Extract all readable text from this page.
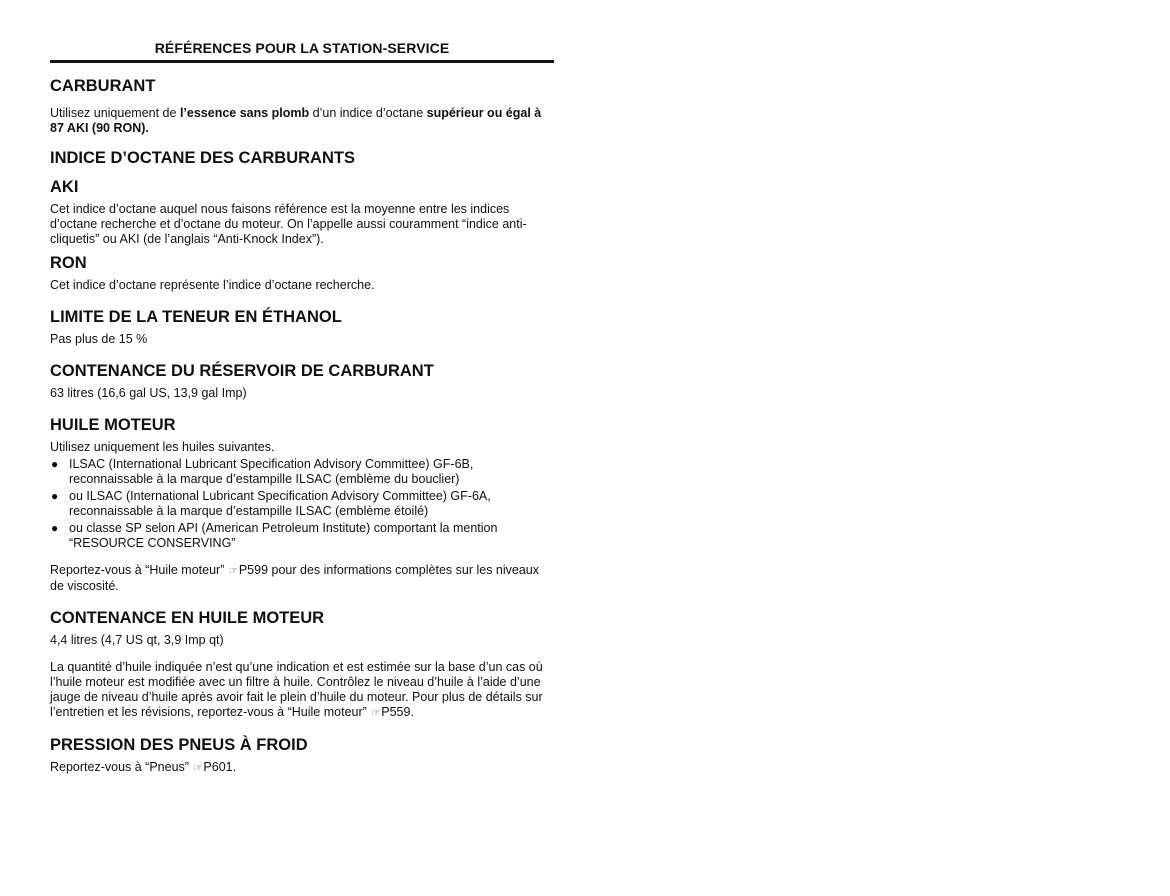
RÉFÉRENCES POUR LA STATION-SERVICE
CARBURANT

Utilisez uniquement de l’essence sans plomb d’un indice d’octane supérieur ou égal à 87 AKI (90 RON).

INDICE D’OCTANE DES CARBURANTS
AKI

Cet indice d’octane auquel nous faisons référence est la moyenne entre les indices d’octane recherche et d’octane du moteur. On l’appelle aussi couramment “indice anti-cliquetis” ou AKI (de l’anglais “Anti-Knock Index”).

RON

Cet indice d’octane représente l’indice d’octane recherche.

LIMITE DE LA TENEUR EN ÉTHANOL

Pas plus de 15 %

CONTENANCE DU RÉSERVOIR DE CARBURANT

63 litres (16,6 gal US, 13,9 gal Imp)

HUILE MOTEUR

Utilisez uniquement les huiles suivantes.

● ILSAC (International Lubricant Specification Advisory Committee) GF-6B, reconnaissable à la marque d’estampille ILSAC (emblème du bouclier)
● ou ILSAC (International Lubricant Specification Advisory Committee) GF-6A, reconnaissable à la marque d’estampille ILSAC (emblème étoilé)
● ou classe SP selon API (American Petroleum Institute) comportant la mention “RESOURCE CONSERVING”

Reportez-vous à “Huile moteur” ☞P599 pour des informations complètes sur les niveaux de viscosité.

CONTENANCE EN HUILE MOTEUR

4,4 litres (4,7 US qt, 3,9 Imp qt)

La quantité d’huile indiquée n’est qu’une indication et est estimée sur la base d’un cas où l’huile moteur est modifiée avec un filtre à huile. Contrôlez le niveau d’huile à l’aide d’une jauge de niveau d’huile après avoir fait le plein d’huile du moteur. Pour plus de détails sur l’entretien et les révisions, reportez-vous à “Huile moteur” ☞P559.

PRESSION DES PNEUS À FROID

Reportez-vous à “Pneus” ☞P601.
